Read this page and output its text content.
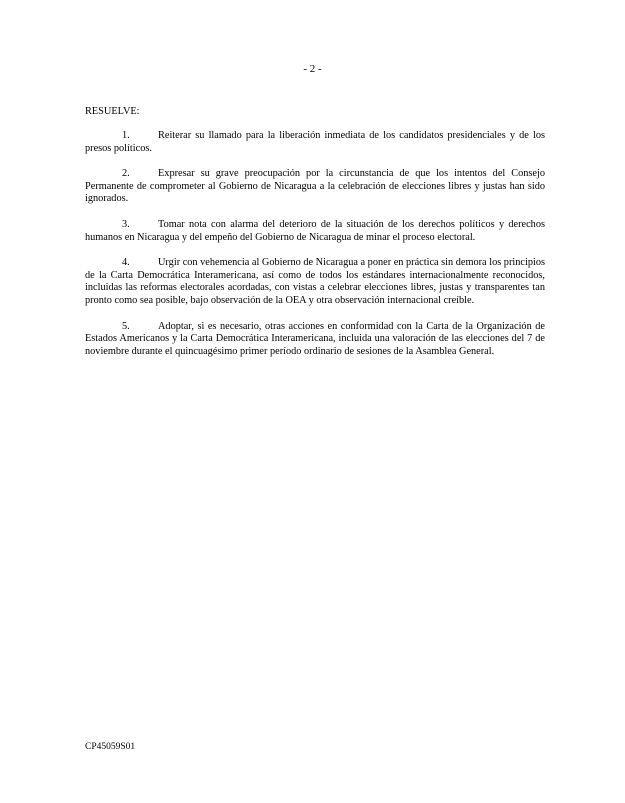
- 2 -

RESUELVE:

1.	Reiterar su llamado para la liberación inmediata de los candidatos presidenciales y de los presos políticos.

2.	Expresar su grave preocupación por la circunstancia de que los intentos del Consejo Permanente de comprometer al Gobierno de Nicaragua a la celebración de elecciones libres y justas han sido ignorados.

3.	Tomar nota con alarma del deterioro de la situación de los derechos políticos y derechos humanos en Nicaragua y del empeño del Gobierno de Nicaragua de minar el proceso electoral.

4.	Urgir con vehemencia al Gobierno de Nicaragua a poner en práctica sin demora los principios de la Carta Democrática Interamericana, así como de todos los estándares internacionalmente reconocidos, incluidas las reformas electorales acordadas, con vistas a celebrar elecciones libres, justas y transparentes tan pronto como sea posible, bajo observación de la OEA y otra observación internacional creíble.

5.	Adoptar, si es necesario, otras acciones en conformidad con la Carta de la Organización de Estados Americanos y la Carta Democrática Interamericana, incluida una valoración de las elecciones del 7 de noviembre durante el quincuagésimo primer período ordinario de sesiones de la Asamblea General.

CP45059S01
